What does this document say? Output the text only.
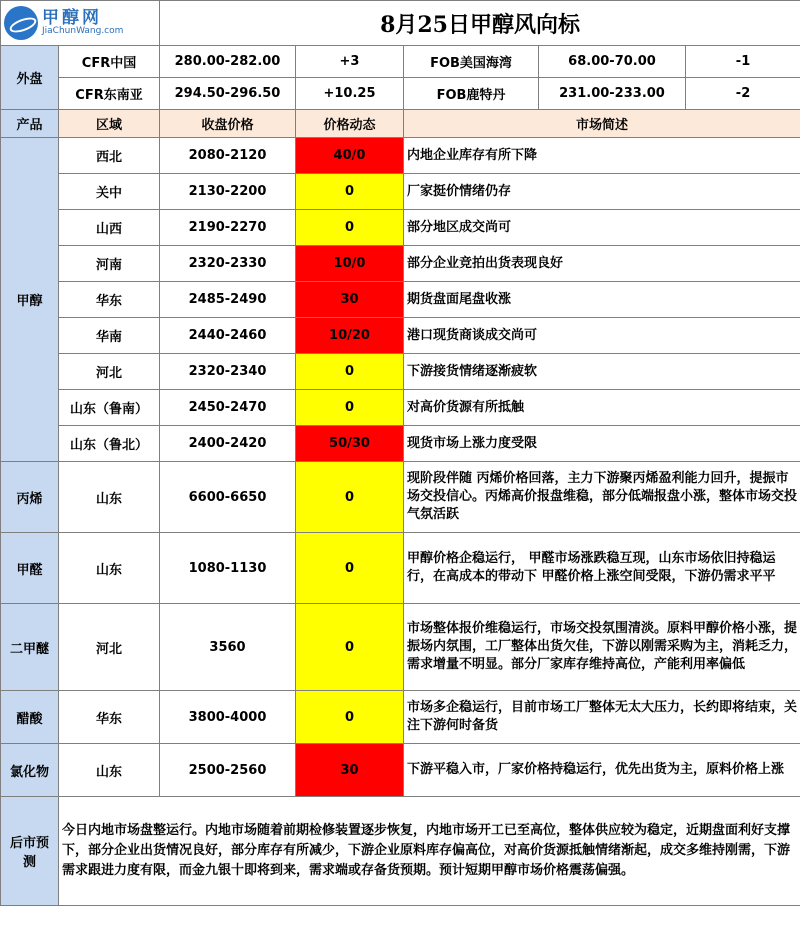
甲醇网
JiaChunWang.com		8月25日甲醇风向标				
外盘	CFR中国	280.00-282.00	+3	FOB美国海湾	68.00-70.00	-1
	CFR东南亚	294.50-296.50	+10.25	FOB鹿特丹	231.00-233.00	-2
产品	区域	收盘价格	价格动态	市场简述		
甲醇	西北	2080-2120	40/0	内地企业库存有所下降		
	关中	2130-2200	0	厂家挺价情绪仍存		
	山西	2190-2270	0	部分地区成交尚可		
	河南	2320-2330	10/0	部分企业竞拍出货表现良好		
	华东	2485-2490	30	期货盘面尾盘收涨		
	华南	2440-2460	10/20	港口现货商谈成交尚可		
	河北	2320-2340	0	下游接货情绪逐渐疲软		
	山东（鲁南）	2450-2470	0	对高价货源有所抵触		
	山东（鲁北）	2400-2420	50/30	现货市场上涨力度受限		
丙烯	山东	6600-6650	0	现阶段伴随 丙烯价格回落，主力下游聚丙烯盈利能力回升，提振市场交投信心。丙烯高价报盘维稳，部分低端报盘小涨，整体市场交投气氛活跃		
甲醛	山东	1080-1130	0	甲醇价格企稳运行， 甲醛市场涨跌稳互现，山东市场依旧持稳运行，在高成本的带动下 甲醛价格上涨空间受限，下游仍需求平平		
二甲醚	河北	3560	0	市场整体报价维稳运行，市场交投氛围清淡。原料甲醇价格小涨，提振场内氛围，工厂整体出货欠佳，下游以刚需采购为主，消耗乏力，需求增量不明显。部分厂家库存维持高位，产能利用率偏低		
醋酸	华东	3800-4000	0	市场多企稳运行，目前市场工厂整体无太大压力，长约即将结束，关注下游何时备货		
氯化物	山东	2500-2560	30	下游平稳入市，厂家价格持稳运行，优先出货为主，原料价格上涨		
后市预测	今日内地市场盘整运行。内地市场随着前期检修装置逐步恢复，内地市场开工已至高位，整体供应较为稳定，近期盘面利好支撑下，部分企业出货情况良好，部分库存有所减少，下游企业原料库存偏高位，对高价货源抵触情绪渐起，成交多维持刚需，下游需求跟进力度有限，而金九银十即将到来，需求端或存备货预期。预计短期甲醇市场价格震荡偏强。					
